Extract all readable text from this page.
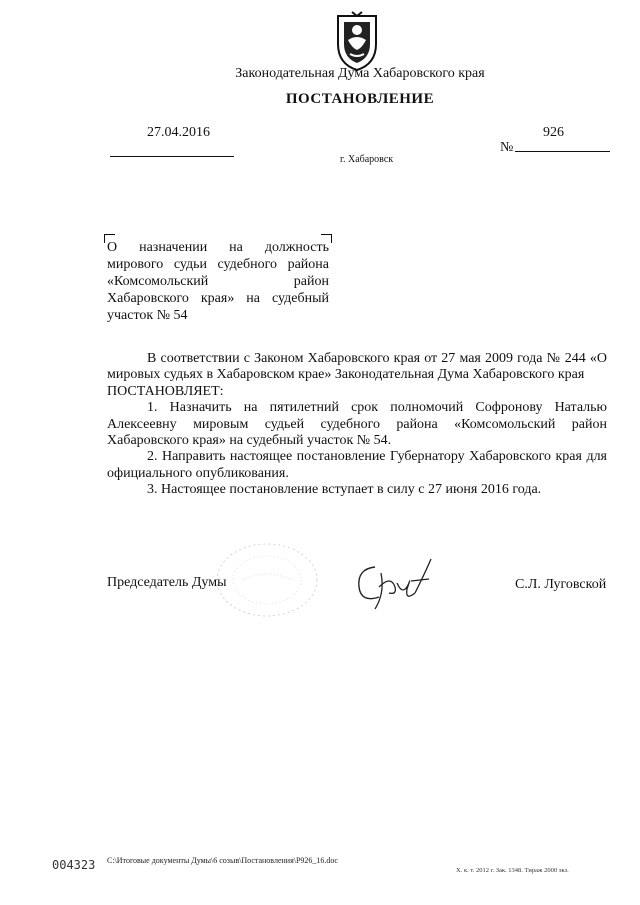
Законодательная Дума Хабаровского края
ПОСТАНОВЛЕНИЕ
27.04.2016	926
№
г. Хабаровск
О назначении на должность
мирового судьи судебного района
«Комсомольский район
Хабаровского края» на судебный
участок № 54

В соответствии с Законом Хабаровского края от 27 мая 2009 года № 244 «О мировых судьях в Хабаровском крае» Законодательная Дума Хабаровского края

ПОСТАНОВЛЯЕТ:

1. Назначить на пятилетний срок полномочий Софронову Наталью Алексеевну мировым судьей судебного района «Комсомольский район Хабаровского края» на судебный участок № 54.

2. Направить настоящее постановление Губернатору Хабаровского края для официального опубликования.

3. Настоящее постановление вступает в силу с 27 июня 2016 года.

Председатель Думы	С.Л. Луговской
004323 C:\Итоговые документы Думы\6 созыв\Постановления\Р926_16.doc
Х. к. т. 2012 г. Зак. 1348. Тираж 2000 экз.
